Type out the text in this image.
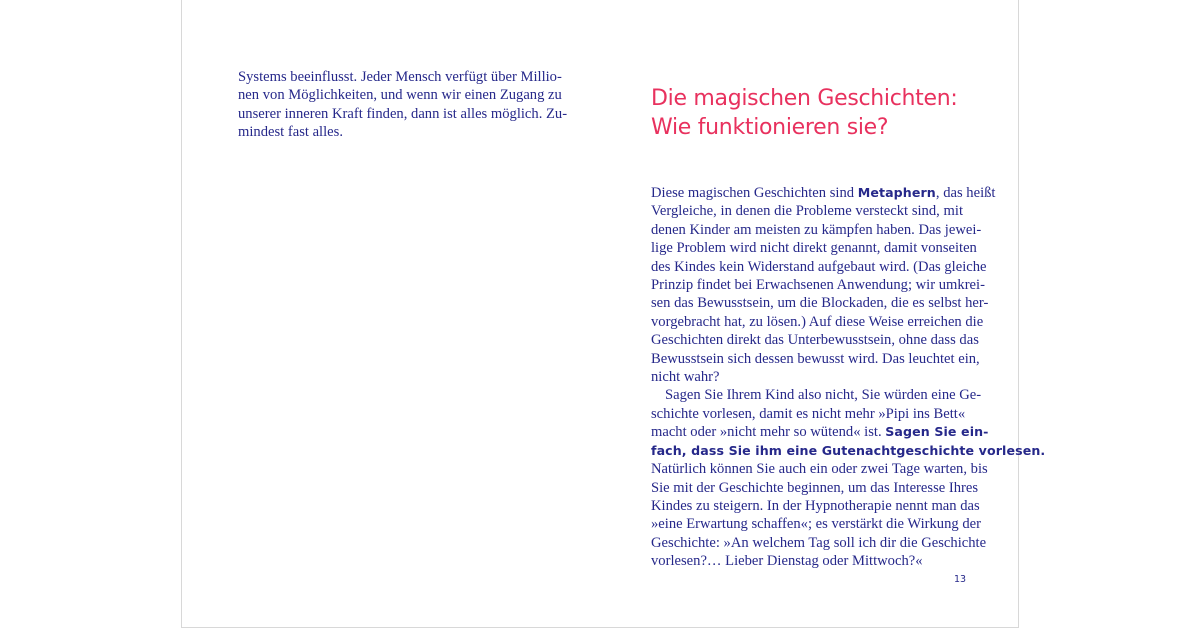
Systems beeinflusst. Jeder Mensch verfügt über Millio-
nen von Möglichkeiten, und wenn wir einen Zugang zu
unserer inneren Kraft finden, dann ist alles möglich. Zu-
mindest fast alles.

Die magischen Geschichten:
Wie funktionieren sie?

Diese magischen Geschichten sind Metaphern, das heißt
Vergleiche, in denen die Probleme versteckt sind, mit
denen Kinder am meisten zu kämpfen haben. Das jewei-
lige Problem wird nicht direkt genannt, damit vonseiten
des Kindes kein Widerstand aufgebaut wird. (Das gleiche
Prinzip findet bei Erwachsenen Anwendung; wir umkrei-
sen das Bewusstsein, um die Blockaden, die es selbst her-
vorgebracht hat, zu lösen.) Auf diese Weise erreichen die
Geschichten direkt das Unterbewusstsein, ohne dass das
Bewusstsein sich dessen bewusst wird. Das leuchtet ein,
nicht wahr?

Sagen Sie Ihrem Kind also nicht, Sie würden eine Ge-
schichte vorlesen, damit es nicht mehr »Pipi ins Bett«
macht oder »nicht mehr so wütend« ist. Sagen Sie ein-
fach, dass Sie ihm eine Gutenachtgeschichte vorlesen.
Natürlich können Sie auch ein oder zwei Tage warten, bis
Sie mit der Geschichte beginnen, um das Interesse Ihres
Kindes zu steigern. In der Hypnotherapie nennt man das
»eine Erwartung schaffen«; es verstärkt die Wirkung der
Geschichte: »An welchem Tag soll ich dir die Geschichte
vorlesen?… Lieber Dienstag oder Mittwoch?«

13
